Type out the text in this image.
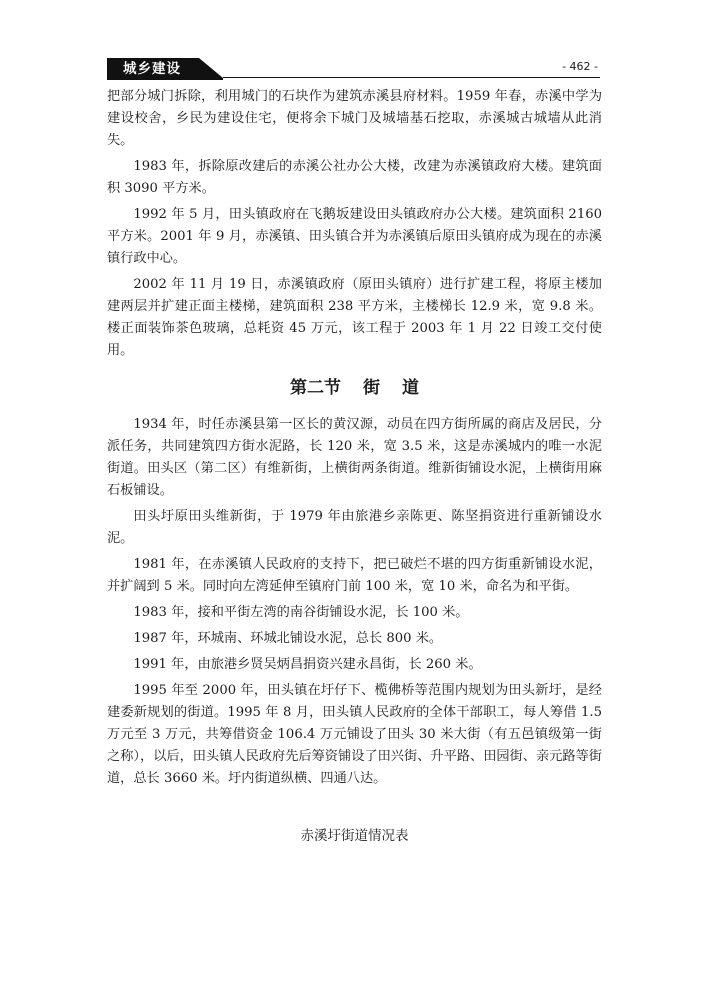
城乡建设	- 462 -

把部分城门拆除，利用城门的石块作为建筑赤溪县府材料。1959 年春，赤溪中学为建设校舍，乡民为建设住宅，便将余下城门及城墙基石挖取，赤溪城古城墙从此消失。

1983 年，拆除原改建后的赤溪公社办公大楼，改建为赤溪镇政府大楼。建筑面积 3090 平方米。

1992 年 5 月，田头镇政府在飞鹅坂建设田头镇政府办公大楼。建筑面积 2160 平方米。2001 年 9 月，赤溪镇、田头镇合并为赤溪镇后原田头镇府成为现在的赤溪镇行政中心。

2002 年 11 月 19 日，赤溪镇政府（原田头镇府）进行扩建工程，将原主楼加建两层并扩建正面主楼梯，建筑面积 238 平方米，主楼梯长 12.9 米，宽 9.8 米。楼正面装饰茶色玻璃，总耗资 45 万元，该工程于 2003 年 1 月 22 日竣工交付使用。

第二节 街 道

1934 年，时任赤溪县第一区长的黄汉源，动员在四方街所属的商店及居民，分派任务，共同建筑四方街水泥路，长 120 米，宽 3.5 米，这是赤溪城内的唯一水泥街道。田头区（第二区）有维新街，上横街两条街道。维新街铺设水泥，上横街用麻石板铺设。

田头圩原田头维新街，于 1979 年由旅港乡亲陈更、陈坚捐资进行重新铺设水泥。

1981 年，在赤溪镇人民政府的支持下，把已破烂不堪的四方街重新铺设水泥，并扩阔到 5 米。同时向左湾延伸至镇府门前 100 米，宽 10 米，命名为和平街。

1983 年，接和平街左湾的南谷街铺设水泥，长 100 米。

1987 年，环城南、环城北铺设水泥，总长 800 米。

1991 年，由旅港乡贤吴炳昌捐资兴建永昌街，长 260 米。

1995 年至 2000 年，田头镇在圩仔下、榄佛桥等范围内规划为田头新圩，是经建委新规划的街道。1995 年 8 月，田头镇人民政府的全体干部职工，每人筹借 1.5 万元至 3 万元，共筹借资金 106.4 万元铺设了田头 30 米大街（有五邑镇级第一街之称），以后，田头镇人民政府先后筹资铺设了田兴街、升平路、田园街、亲元路等街道，总长 3660 米。圩内街道纵横、四通八达。

赤溪圩街道情况表
